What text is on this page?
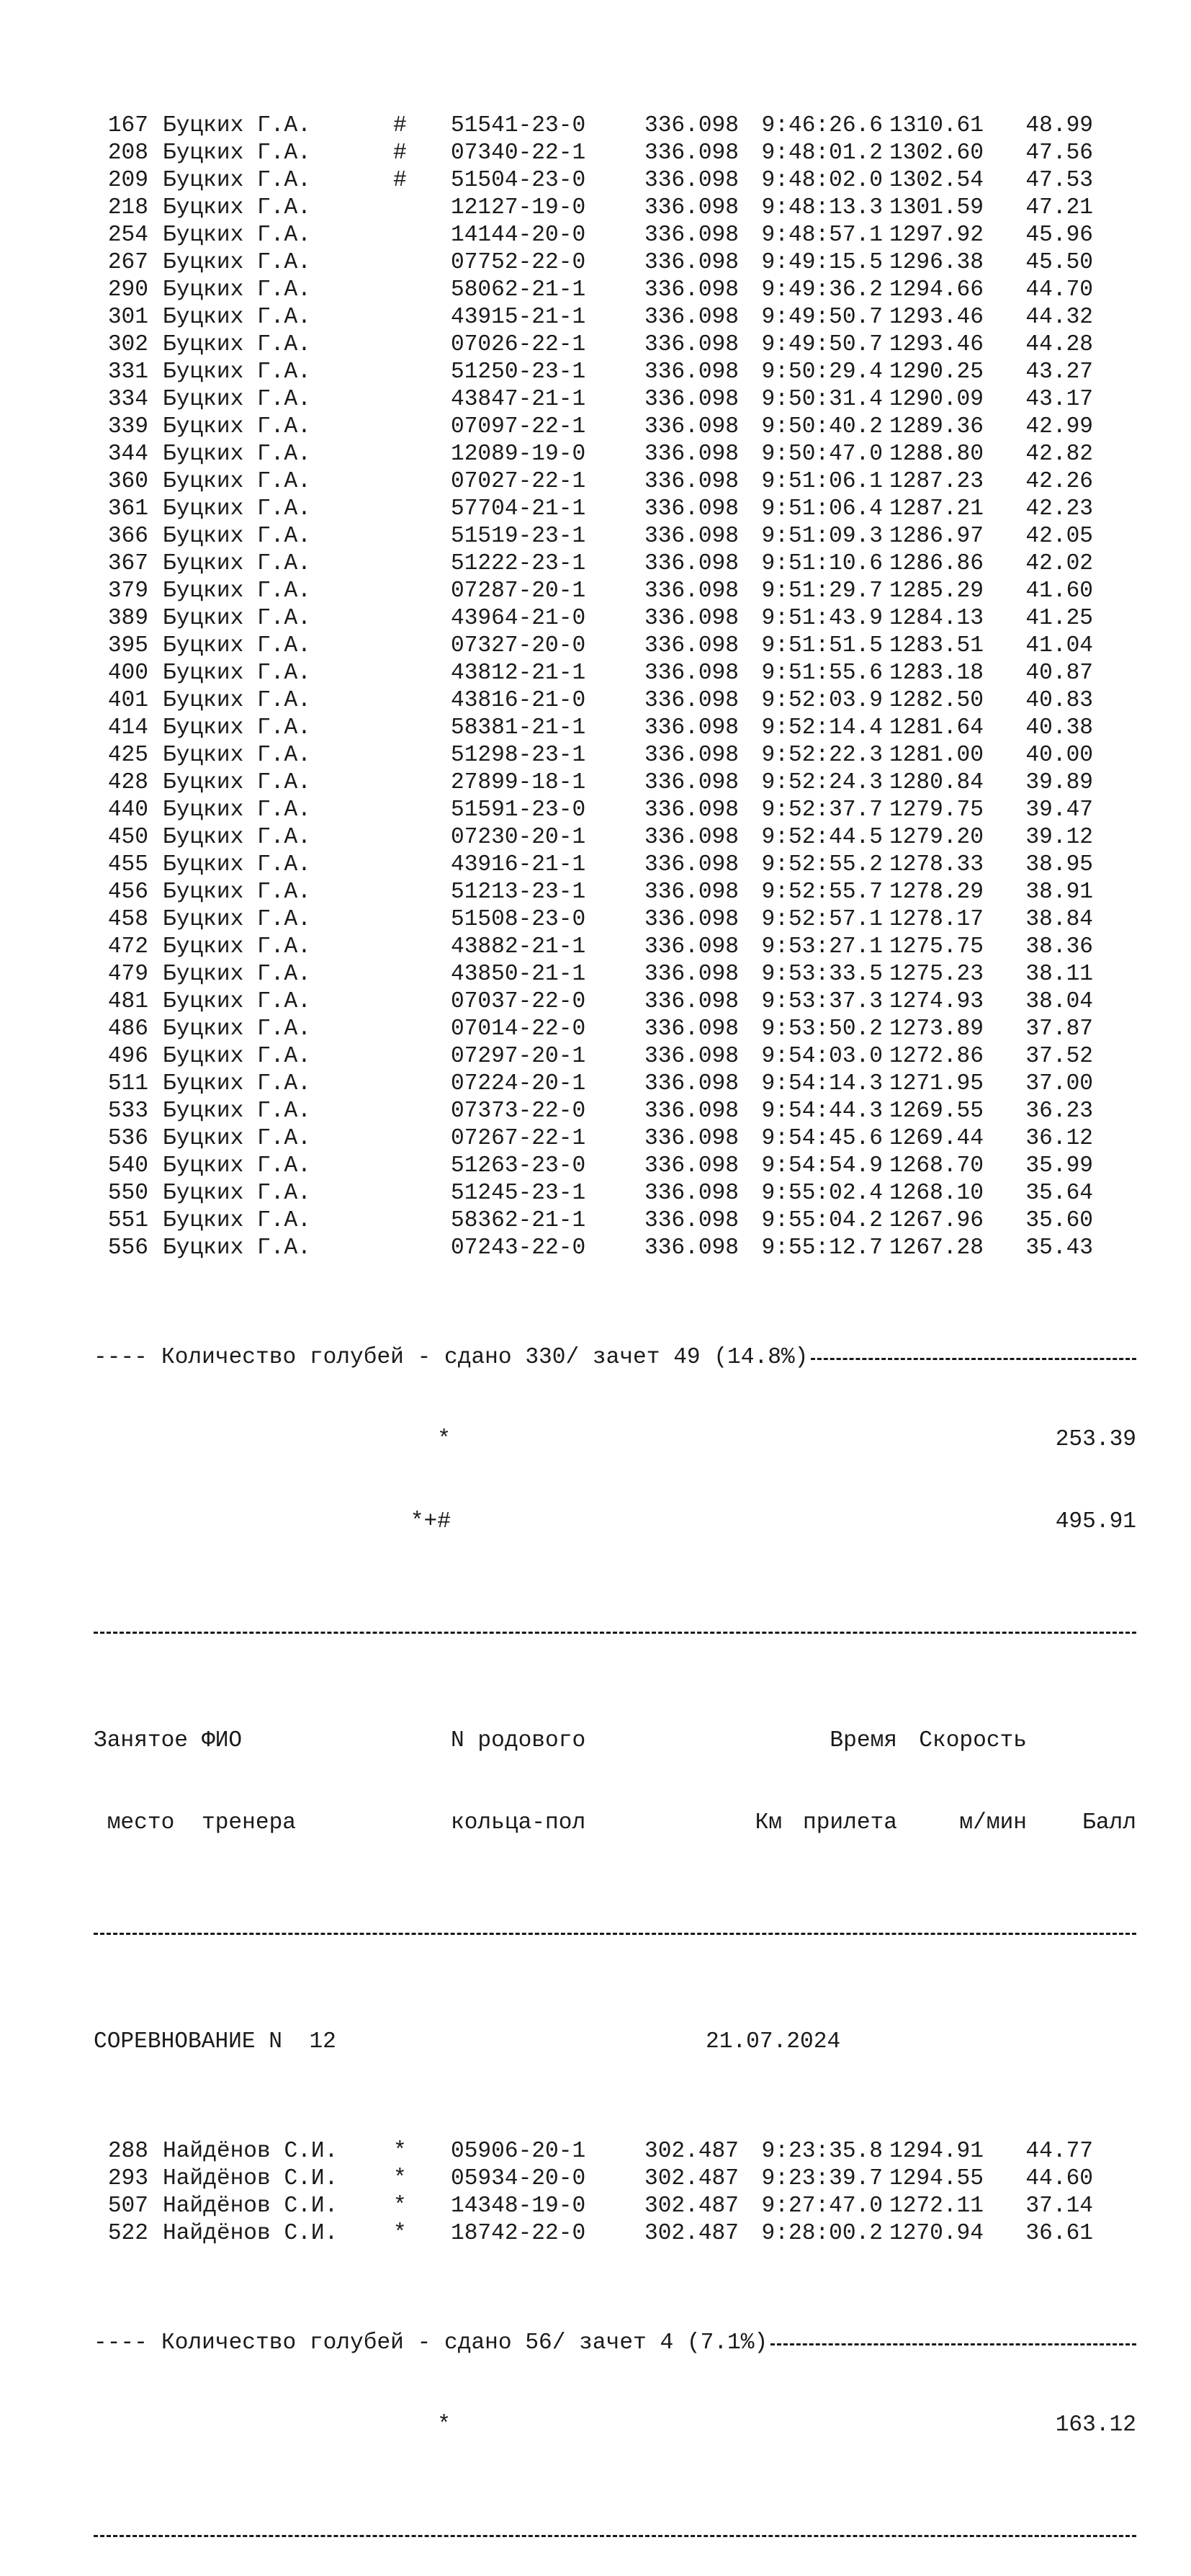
167 Буцких Г.А.	#	51541-23-0	336.098	9:46:26.6 1310.61	48.99
208 Буцких Г.А.	#	07340-22-1	336.098	9:48:01.2 1302.60	47.56
209 Буцких Г.А.	#	51504-23-0	336.098	9:48:02.0 1302.54	47.53
218 Буцких Г.А.	12127-19-0	336.098	9:48:13.3 1301.59	47.21
254 Буцких Г.А.	14144-20-0	336.098	9:48:57.1 1297.92	45.96
267 Буцких Г.А.	07752-22-0	336.098	9:49:15.5 1296.38	45.50
290 Буцких Г.А.	58062-21-1	336.098	9:49:36.2 1294.66	44.70
301 Буцких Г.А.	43915-21-1	336.098	9:49:50.7 1293.46	44.32
302 Буцких Г.А.	07026-22-1	336.098	9:49:50.7 1293.46	44.28
331 Буцких Г.А.	51250-23-1	336.098	9:50:29.4 1290.25	43.27
334 Буцких Г.А.	43847-21-1	336.098	9:50:31.4 1290.09	43.17
339 Буцких Г.А.	07097-22-1	336.098	9:50:40.2 1289.36	42.99
344 Буцких Г.А.	12089-19-0	336.098	9:50:47.0 1288.80	42.82
360 Буцких Г.А.	07027-22-1	336.098	9:51:06.1 1287.23	42.26
361 Буцких Г.А.	57704-21-1	336.098	9:51:06.4 1287.21	42.23
366 Буцких Г.А.	51519-23-1	336.098	9:51:09.3 1286.97	42.05
367 Буцких Г.А.	51222-23-1	336.098	9:51:10.6 1286.86	42.02
379 Буцких Г.А.	07287-20-1	336.098	9:51:29.7 1285.29	41.60
389 Буцких Г.А.	43964-21-0	336.098	9:51:43.9 1284.13	41.25
395 Буцких Г.А.	07327-20-0	336.098	9:51:51.5 1283.51	41.04
400 Буцких Г.А.	43812-21-1	336.098	9:51:55.6 1283.18	40.87
401 Буцких Г.А.	43816-21-0	336.098	9:52:03.9 1282.50	40.83
414 Буцких Г.А.	58381-21-1	336.098	9:52:14.4 1281.64	40.38
425 Буцких Г.А.	51298-23-1	336.098	9:52:22.3 1281.00	40.00
428 Буцких Г.А.	27899-18-1	336.098	9:52:24.3 1280.84	39.89
440 Буцких Г.А.	51591-23-0	336.098	9:52:37.7 1279.75	39.47
450 Буцких Г.А.	07230-20-1	336.098	9:52:44.5 1279.20	39.12
455 Буцких Г.А.	43916-21-1	336.098	9:52:55.2 1278.33	38.95
456 Буцких Г.А.	51213-23-1	336.098	9:52:55.7 1278.29	38.91
458 Буцких Г.А.	51508-23-0	336.098	9:52:57.1 1278.17	38.84
472 Буцких Г.А.	43882-21-1	336.098	9:53:27.1 1275.75	38.36
479 Буцких Г.А.	43850-21-1	336.098	9:53:33.5 1275.23	38.11
481 Буцких Г.А.	07037-22-0	336.098	9:53:37.3 1274.93	38.04
486 Буцких Г.А.	07014-22-0	336.098	9:53:50.2 1273.89	37.87
496 Буцких Г.А.	07297-20-1	336.098	9:54:03.0 1272.86	37.52
511 Буцких Г.А.	07224-20-1	336.098	9:54:14.3 1271.95	37.00
533 Буцких Г.А.	07373-22-0	336.098	9:54:44.3 1269.55	36.23
536 Буцких Г.А.	07267-22-1	336.098	9:54:45.6 1269.44	36.12
540 Буцких Г.А.	51263-23-0	336.098	9:54:54.9 1268.70	35.99
550 Буцких Г.А.	51245-23-1	336.098	9:55:02.4 1268.10	35.64
551 Буцких Г.А.	58362-21-1	336.098	9:55:04.2 1267.96	35.60
556 Буцких Г.А.	07243-22-0	336.098	9:55:12.7 1267.28	35.43

---- Количество голубей - сдано 330/ зачет 49 (14.8%)

*	253.39

*+#	495.91

Занятое ФИО	N родового	Время Скорость

место	тренера	кольца-пол	Км прилета	м/мин	Балл

СОРЕВНОВАНИЕ N  12	21.07.2024

288 Найдёнов С.И.	*	05906-20-1	302.487	9:23:35.8 1294.91	44.77
293 Найдёнов С.И.	*	05934-20-0	302.487	9:23:39.7 1294.55	44.60
507 Найдёнов С.И.	*	14348-19-0	302.487	9:27:47.0 1272.11	37.14
522 Найдёнов С.И.	*	18742-22-0	302.487	9:28:00.2 1270.94	36.61

---- Количество голубей - сдано 56/ зачет 4 (7.1%)

*	163.12
